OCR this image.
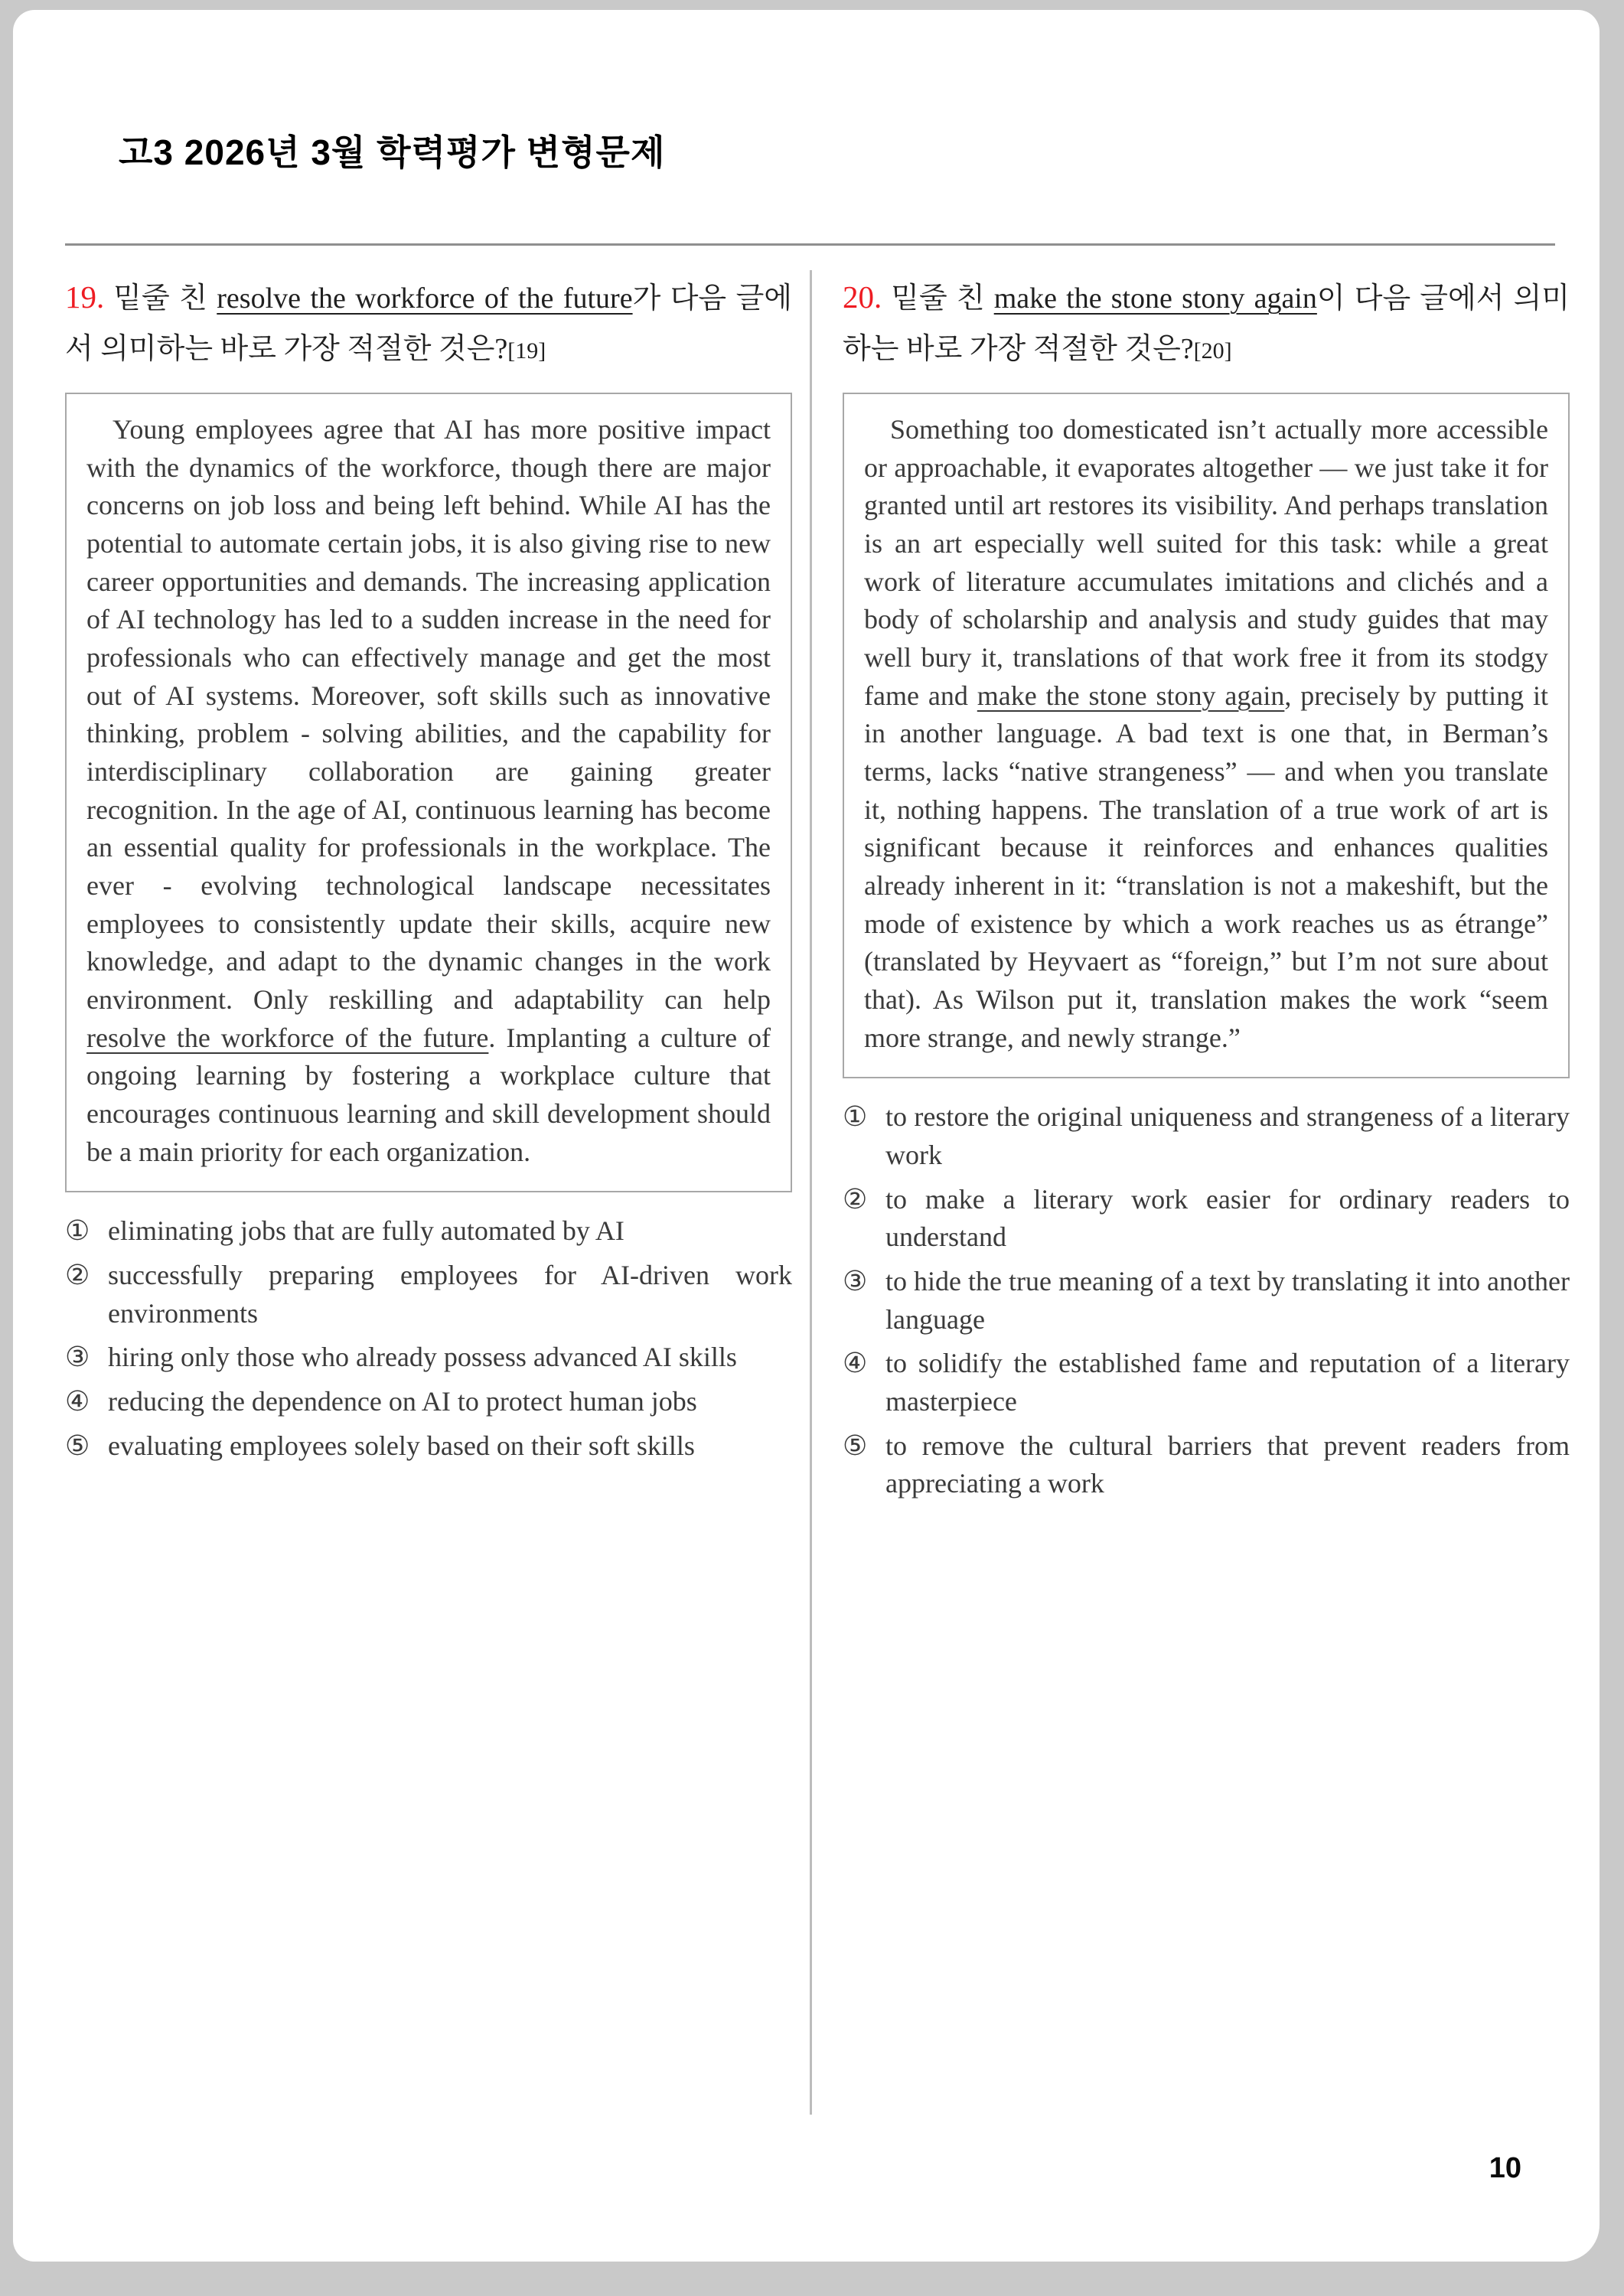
고3 2026년 3월 학력평가 변형문제

19. 밑줄 친 resolve the workforce of the future가 다음 글에서 의미하는 바로 가장 적절한 것은?[19]

Young employees agree that AI has more positive impact with the dynamics of the workforce, though there are major concerns on job loss and being left behind. While AI has the potential to automate certain jobs, it is also giving rise to new career opportunities and demands. The increasing application of AI technology has led to a sudden increase in the need for professionals who can effectively manage and get the most out of AI systems. Moreover, soft skills such as innovative thinking, problem - solving abilities, and the capability for interdisciplinary collaboration are gaining greater recognition. In the age of AI, continuous learning has become an essential quality for professionals in the workplace. The ever - evolving technological landscape necessitates employees to consistently update their skills, acquire new knowledge, and adapt to the dynamic changes in the work environment. Only reskilling and adaptability can help resolve the workforce of the future. Implanting a culture of ongoing learning by fostering a workplace culture that encourages continuous learning and skill development should be a main priority for each organization.
① eliminating jobs that are fully automated by AI
② successfully preparing employees for AI-driven work environments
③ hiring only those who already possess advanced AI skills
④ reducing the dependence on AI to protect human jobs
⑤ evaluating employees solely based on their soft skills

20. 밑줄 친 make the stone stony again이 다음 글에서 의미하는 바로 가장 적절한 것은?[20]

Something too domesticated isn’t actually more accessible or approachable, it evaporates altogether — we just take it for granted until art restores its visibility. And perhaps translation is an art especially well suited for this task: while a great work of literature accumulates imitations and clichés and a body of scholarship and analysis and study guides that may well bury it, translations of that work free it from its stodgy fame and make the stone stony again, precisely by putting it in another language. A bad text is one that, in Berman’s terms, lacks “native strangeness” — and when you translate it, nothing happens. The translation of a true work of art is significant because it reinforces and enhances qualities already inherent in it: “translation is not a makeshift, but the mode of existence by which a work reaches us as étrange” (translated by Heyvaert as “foreign,” but I’m not sure about that). As Wilson put it, translation makes the work “seem more strange, and newly strange.”
① to restore the original uniqueness and strangeness of a literary work
② to make a literary work easier for ordinary readers to understand
③ to hide the true meaning of a text by translating it into another language
④ to solidify the established fame and reputation of a literary masterpiece
⑤ to remove the cultural barriers that prevent readers from appreciating a work
10
